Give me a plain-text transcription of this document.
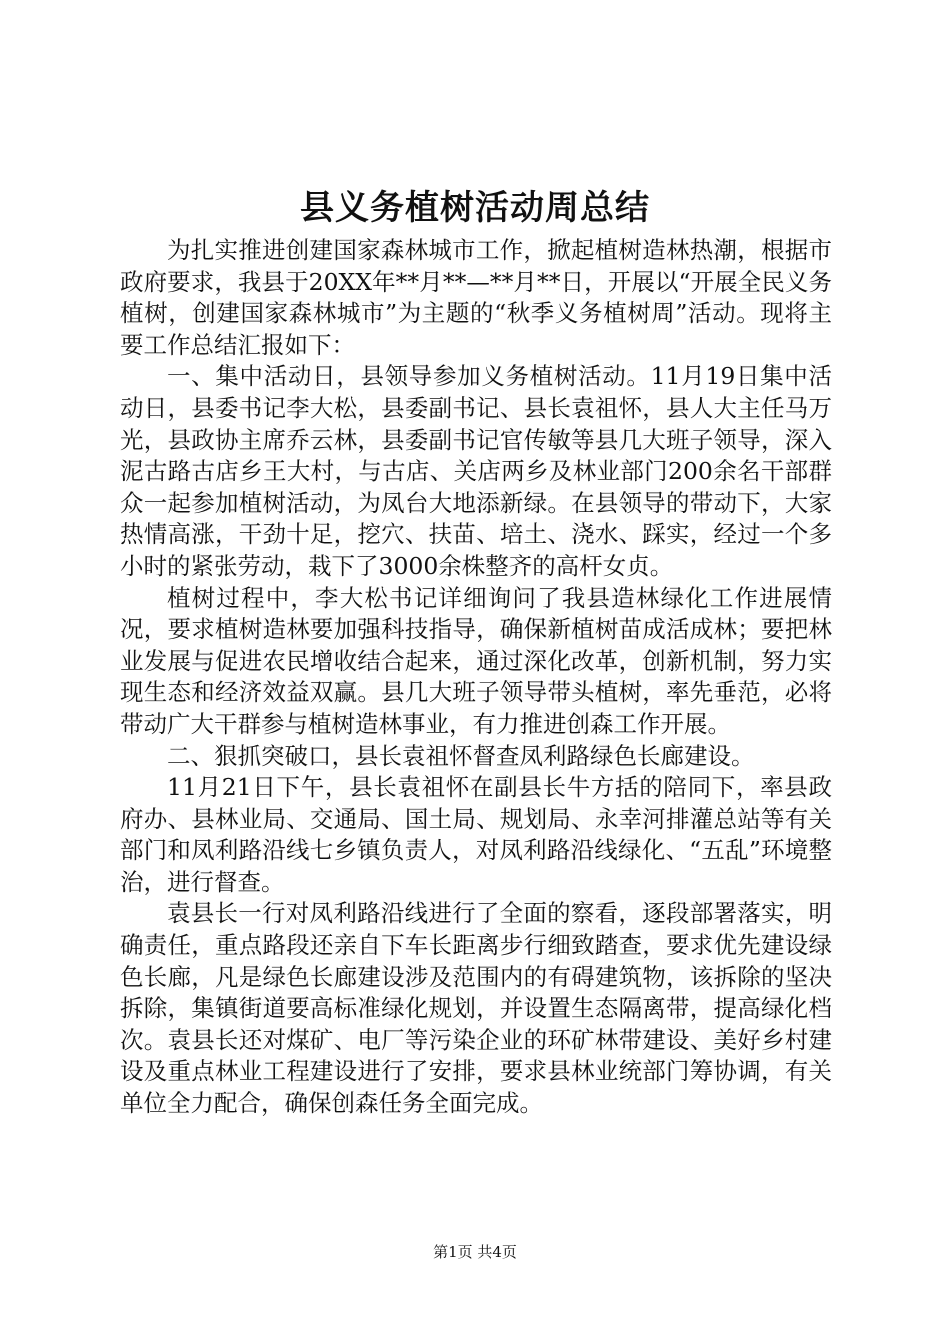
县义务植树活动周总结

为扎实推进创建国家森林城市工作，掀起植树造林热潮，根据市政府要求，我县于20XX年**月**—**月**日，开展以“开展全民义务植树，创建国家森林城市”为主题的“秋季义务植树周”活动。现将主要工作总结汇报如下：

一、集中活动日，县领导参加义务植树活动。11月19日集中活动日，县委书记李大松，县委副书记、县长袁祖怀，县人大主任马万光，县政协主席乔云林，县委副书记官传敏等县几大班子领导，深入泥古路古店乡王大村，与古店、关店两乡及林业部门200余名干部群众一起参加植树活动，为凤台大地添新绿。在县领导的带动下，大家热情高涨，干劲十足，挖穴、扶苗、培土、浇水、踩实，经过一个多小时的紧张劳动，栽下了3000余株整齐的高杆女贞。

植树过程中，李大松书记详细询问了我县造林绿化工作进展情况，要求植树造林要加强科技指导，确保新植树苗成活成林；要把林业发展与促进农民增收结合起来，通过深化改革，创新机制，努力实现生态和经济效益双赢。县几大班子领导带头植树，率先垂范，必将带动广大干群参与植树造林事业，有力推进创森工作开展。

二、狠抓突破口，县长袁祖怀督查凤利路绿色长廊建设。

11月21日下午，县长袁祖怀在副县长牛方括的陪同下，率县政府办、县林业局、交通局、国土局、规划局、永幸河排灌总站等有关部门和凤利路沿线七乡镇负责人，对凤利路沿线绿化、“五乱”环境整治，进行督查。

袁县长一行对凤利路沿线进行了全面的察看，逐段部署落实，明确责任，重点路段还亲自下车长距离步行细致踏查，要求优先建设绿色长廊，凡是绿色长廊建设涉及范围内的有碍建筑物，该拆除的坚决拆除，集镇街道要高标准绿化规划，并设置生态隔离带，提高绿化档次。袁县长还对煤矿、电厂等污染企业的环矿林带建设、美好乡村建设及重点林业工程建设进行了安排，要求县林业统部门筹协调，有关单位全力配合，确保创森任务全面完成。

第1页 共4页
